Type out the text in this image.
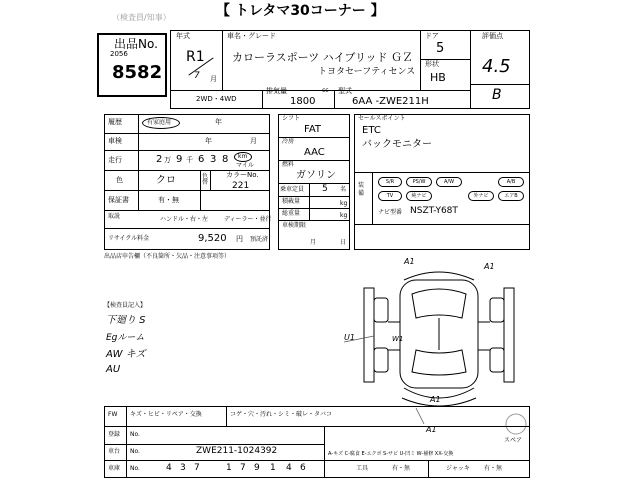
（検査員/知事）	【 トレタマ30コーナー 】
出品No.
2056
8582
年式
R1
7 月
車名・グレード
カローラスポーツ ハイブリッド ＧＺ
トヨタセーフティセンス
ドア
5
形状
HB
評価点
4.5
B
2WD・4WD
排気量	cc
1800
型式
6AA -ZWE211H
履歴	有家庭用	年
車検	年	月
走行	2 万 9 千 6 3 8 km
マイル
色	クロ	色替
カラーNo.
221
保証書	有・無
取説	ハンドル・右・左	ディーラー・並行
リサイクル料金	9,520 円 預託済
シフト
FAT
冷房
AAC
燃料
ガソリン
乗車定員 5 名
積載量	kg
総重量	kg
車検期限
月	日
セールスポイント
ETC
バックモニター
装備
S/R	PS/W	A/W	A/B
TV	純ナビ	外ナビ	エアB
ナビ型番 NSZT-Y68T
出品店申告欄（不良箇所・欠品・注意事項等）
【検査員記入】
下廻り S
Egルーム
AW キズ
AU
A1
A1
A1
A1
U1	W1
スペア
FW キズ・ヒビ・リペア・交換	コゲ・穴・汚れ・シミ・破レ・タバコ
登録 No.
車台 No.	ZWE211-1024392
車庫 No.	4 3 7	1 7 9 1 4 6
A-キズ C-腐食 E-エクボ S-サビ U-凹ミ W-補修 XX-交換
工具	有・無	ジャッキ 有・無
